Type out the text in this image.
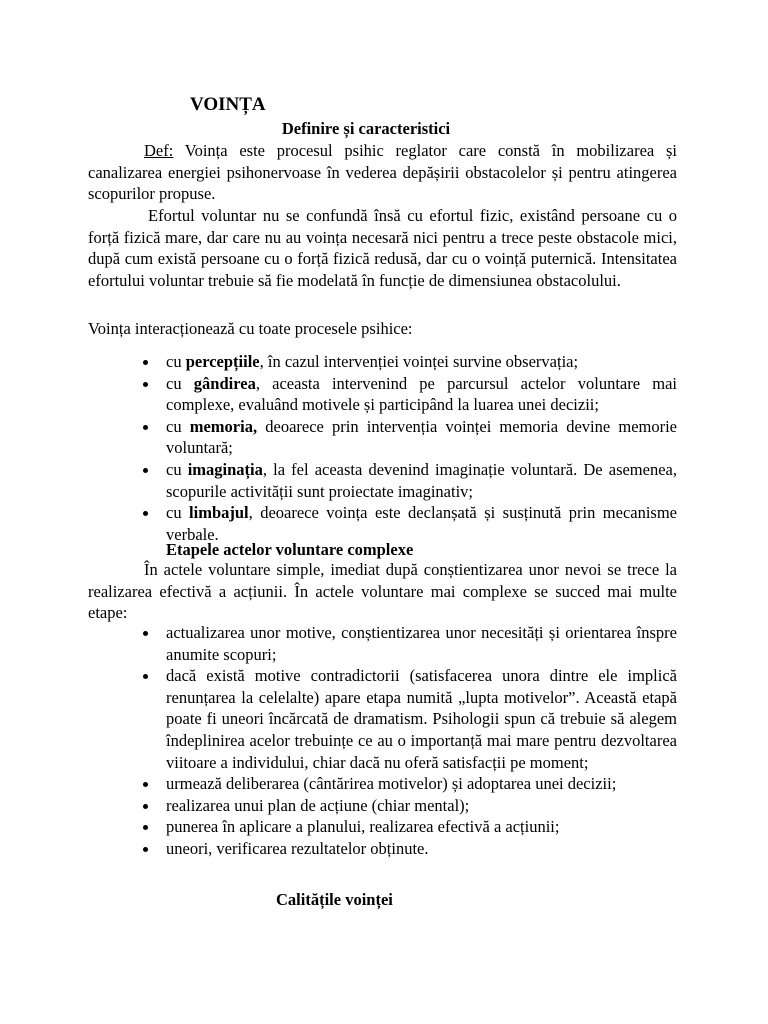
VOINȚA
Definire și caracteristici

Def: Voința este procesul psihic reglator care constă în mobilizarea și canalizarea energiei psihonervoase în vederea depășirii obstacolelor și pentru atingerea scopurilor propuse.

Efortul voluntar nu se confundă însă cu efortul fizic, existând persoane cu o forță fizică mare, dar care nu au voința necesară nici pentru a trece peste obstacole mici, după cum există persoane cu o forță fizică redusă, dar cu o voință puternică. Intensitatea efortului voluntar trebuie să fie modelată în funcție de dimensiunea obstacolului.

Voința interacționează cu toate procesele psihice:

cu percepțiile, în cazul intervenției voinței survine observația;
cu gândirea, aceasta intervenind pe parcursul actelor voluntare mai complexe, evaluând motivele și participând la luarea unei decizii;
cu memoria, deoarece prin intervenția voinței memoria devine memorie voluntară;
cu imaginația, la fel aceasta devenind imaginație voluntară. De asemenea, scopurile activității sunt proiectate imaginativ;
cu limbajul, deoarece voința este declanșată și susținută prin mecanisme verbale.
Etapele actelor voluntare complexe

În actele voluntare simple, imediat după conștientizarea unor nevoi se trece la realizarea efectivă a acțiunii. În actele voluntare mai complexe se succed mai multe etape:

actualizarea unor motive, conștientizarea unor necesități și orientarea înspre anumite scopuri;
dacă există motive contradictorii (satisfacerea unora dintre ele implică renunțarea la celelalte) apare etapa numită „lupta motivelor”. Această etapă poate fi uneori încărcată de dramatism. Psihologii spun că trebuie să alegem îndeplinirea acelor trebuințe ce au o importanță mai mare pentru dezvoltarea viitoare a individului, chiar dacă nu oferă satisfacții pe moment;
urmează deliberarea (cântărirea motivelor) și adoptarea unei decizii;
realizarea unui plan de acțiune (chiar mental);
punerea în aplicare a planului, realizarea efectivă a acțiunii;
uneori, verificarea rezultatelor obținute.
Calitățile voinței
